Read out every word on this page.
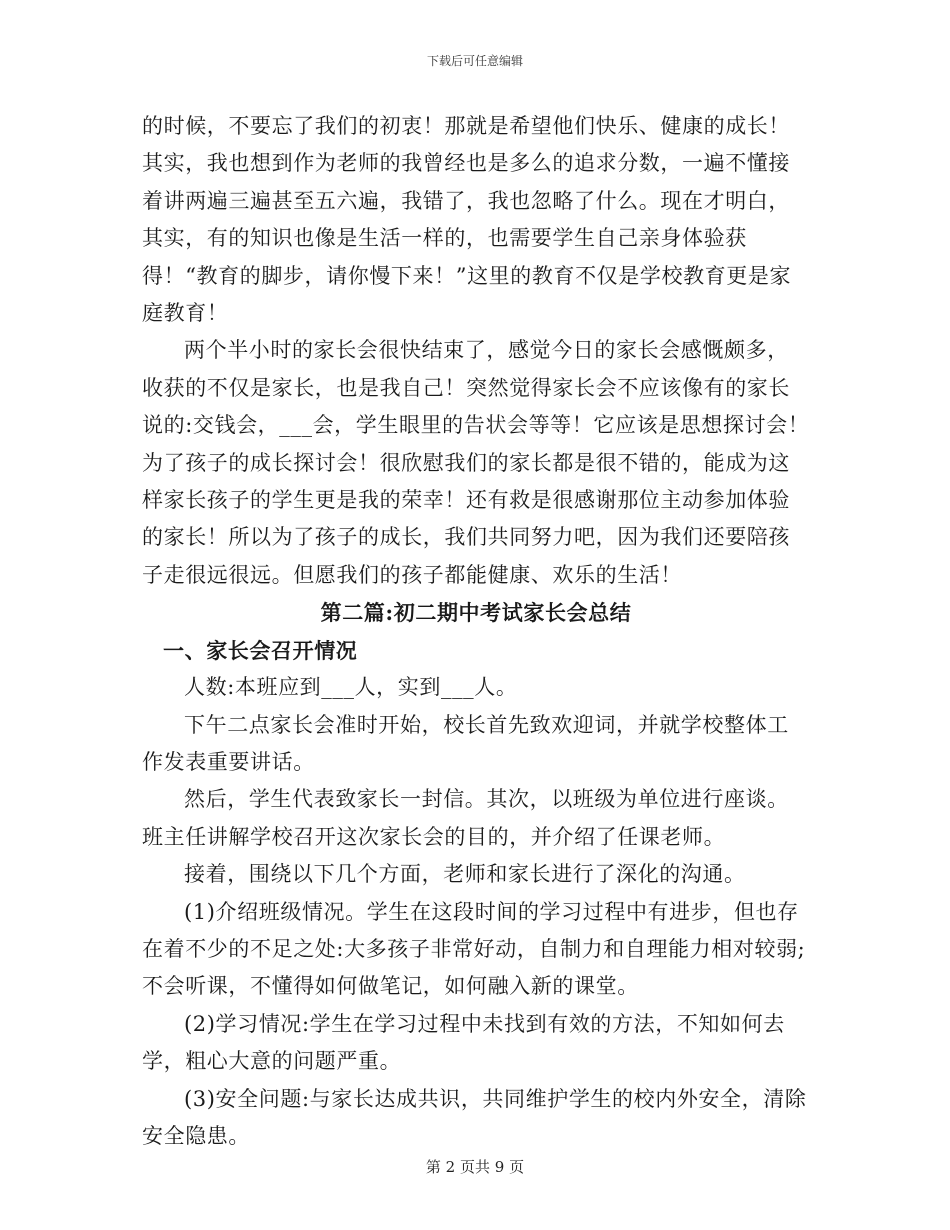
下载后可任意编辑

的时候，不要忘了我们的初衷！那就是希望他们快乐、健康的成长！其实，我也想到作为老师的我曾经也是多么的追求分数，一遍不懂接着讲两遍三遍甚至五六遍，我错了，我也忽略了什么。现在才明白，其实，有的知识也像是生活一样的，也需要学生自己亲身体验获得！“教育的脚步，请你慢下来！”这里的教育不仅是学校教育更是家庭教育！

两个半小时的家长会很快结束了，感觉今日的家长会感慨颇多，收获的不仅是家长，也是我自己！突然觉得家长会不应该像有的家长说的:交钱会，___会，学生眼里的告状会等等！它应该是思想探讨会！为了孩子的成长探讨会！很欣慰我们的家长都是很不错的，能成为这样家长孩子的学生更是我的荣幸！还有救是很感谢那位主动参加体验的家长！所以为了孩子的成长，我们共同努力吧，因为我们还要陪孩子走很远很远。但愿我们的孩子都能健康、欢乐的生活！

第二篇:初二期中考试家长会总结

一、家长会召开情况

人数:本班应到___人，实到___人。

下午二点家长会准时开始，校长首先致欢迎词，并就学校整体工作发表重要讲话。

然后，学生代表致家长一封信。其次，以班级为单位进行座谈。班主任讲解学校召开这次家长会的目的，并介绍了任课老师。

接着，围绕以下几个方面，老师和家长进行了深化的沟通。

(1)介绍班级情况。学生在这段时间的学习过程中有进步，但也存在着不少的不足之处:大多孩子非常好动，自制力和自理能力相对较弱;不会听课，不懂得如何做笔记，如何融入新的课堂。

(2)学习情况:学生在学习过程中未找到有效的方法，不知如何去学，粗心大意的问题严重。

(3)安全问题:与家长达成共识，共同维护学生的校内外安全，清除安全隐患。

第 2 页共 9 页
